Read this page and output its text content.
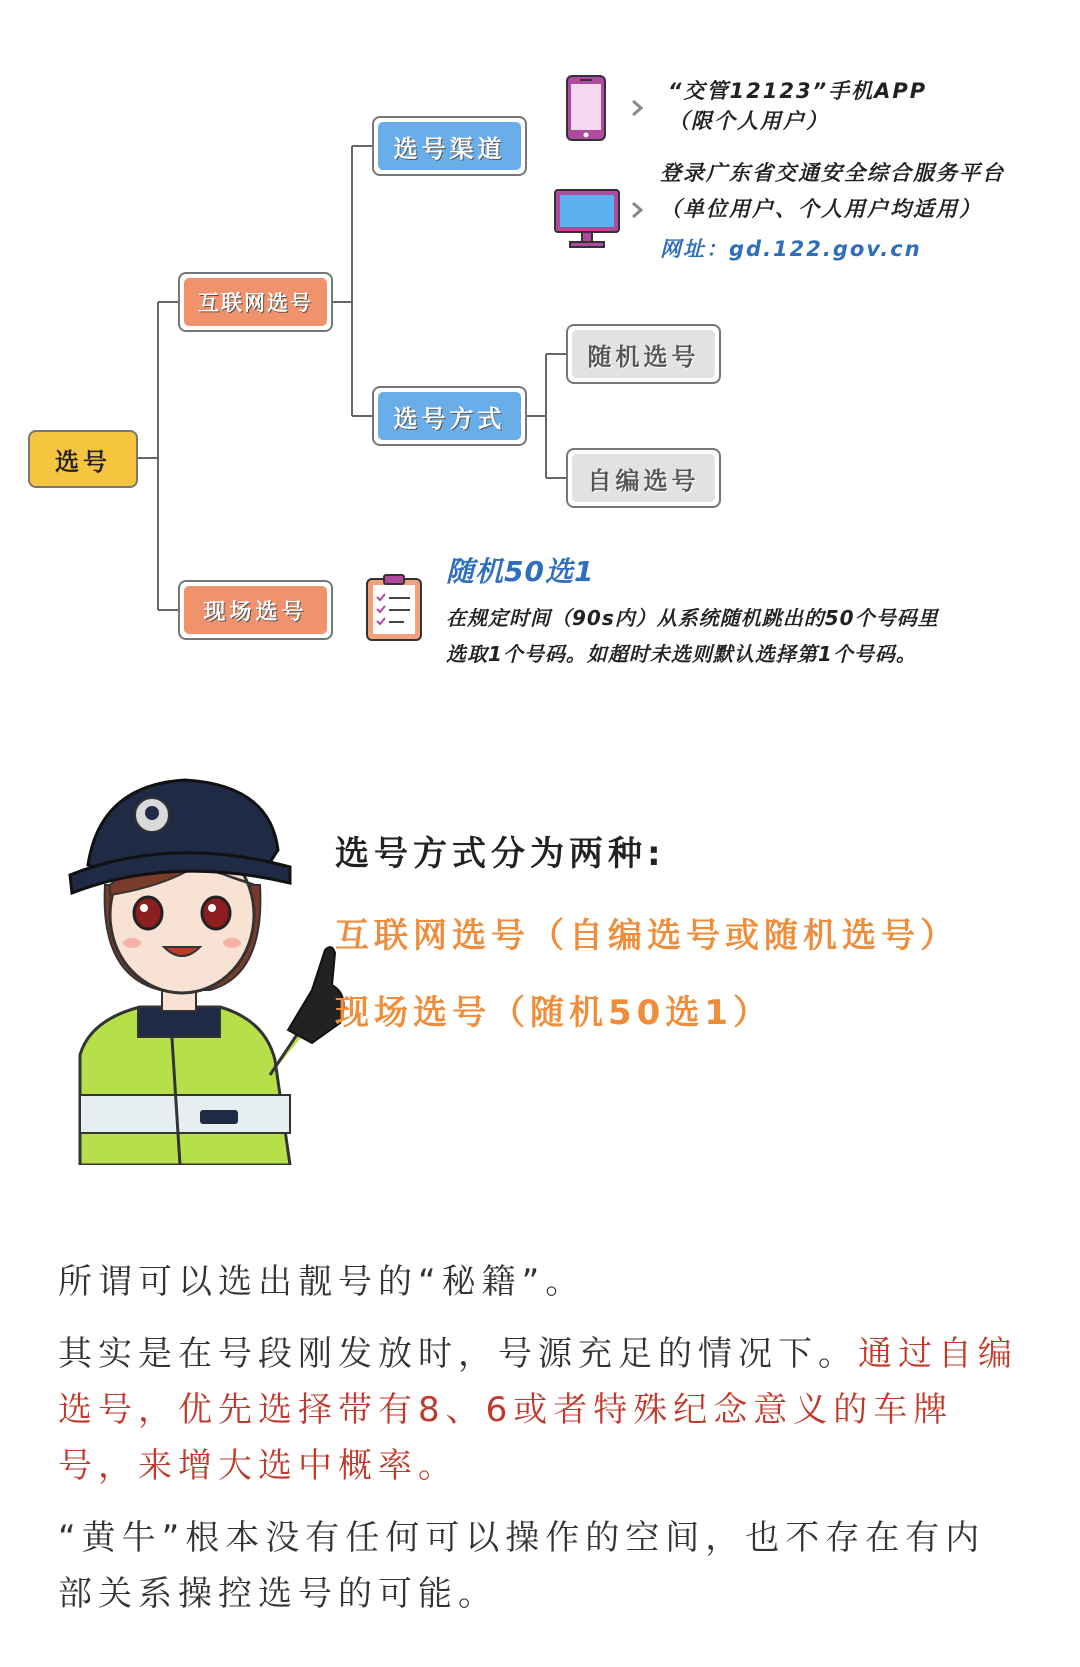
选号
互联网选号
现场选号
选号渠道
选号方式
随机选号
自编选号
“交管12123”手机APP
（限个人用户）
登录广东省交通安全综合服务平台
（单位用户、个人用户均适用）
网址：gd.122.gov.cn
随机50选1
在规定时间（90s内）从系统随机跳出的50个号码里
选取1个号码。如超时未选则默认选择第1个号码。
选号方式分为两种:
互联网选号（自编选号或随机选号）
现场选号（随机50选1）
所谓可以选出靓号的“秘籍”。
其实是在号段刚发放时，号源充足的情况下。通过自编选号，优先选择带有8、6或者特殊纪念意义的车牌号，来增大选中概率。
“黄牛”根本没有任何可以操作的空间，也不存在有内部关系操控选号的可能。
